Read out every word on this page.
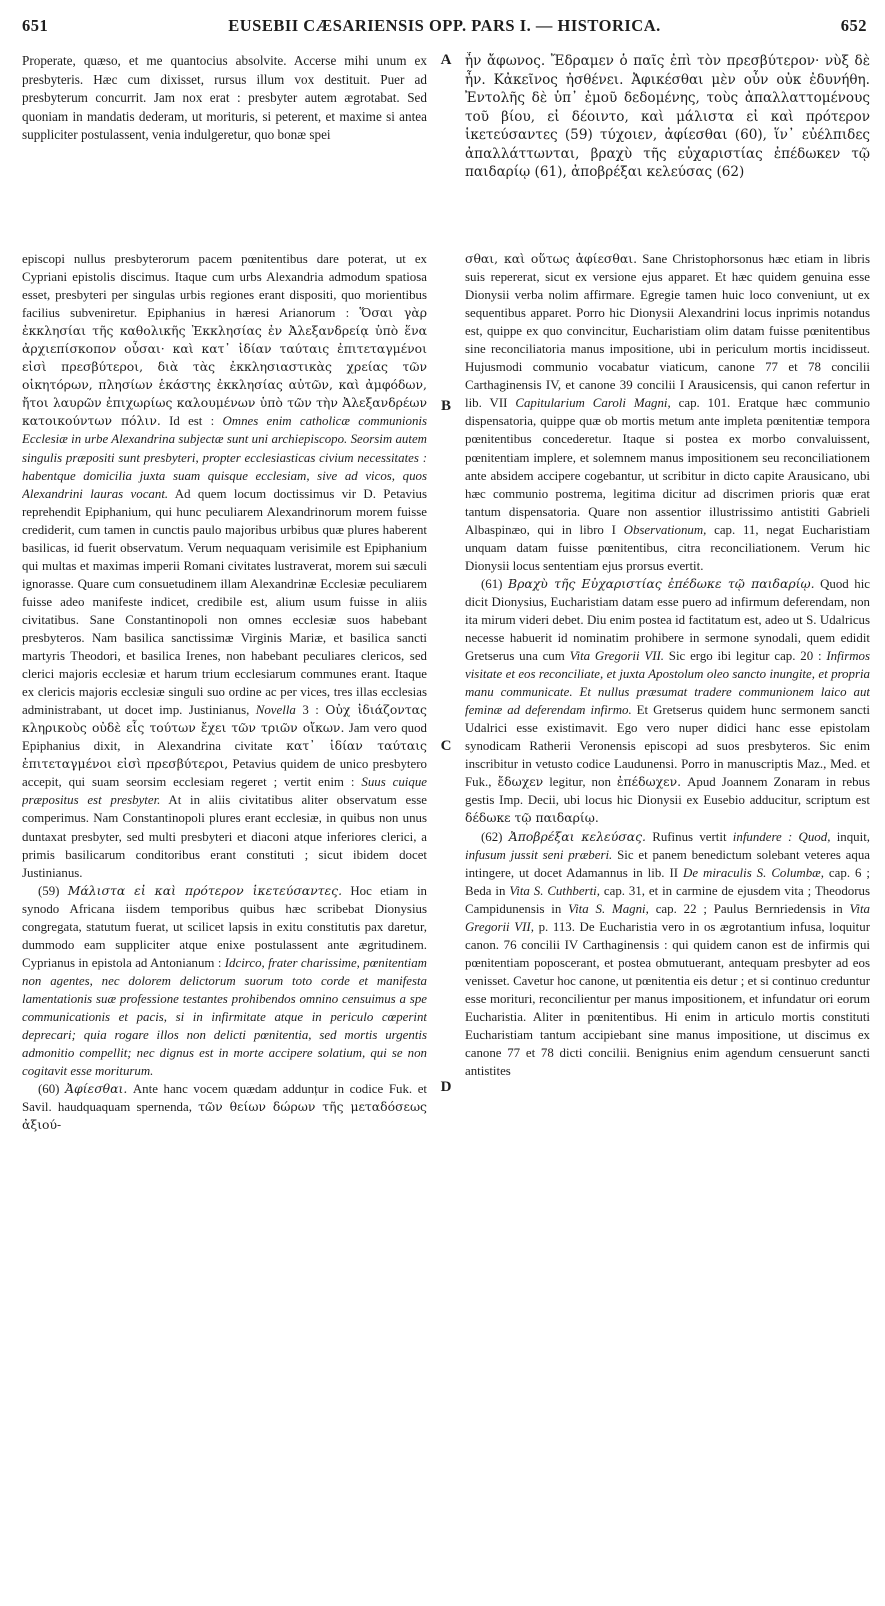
651	EUSEBII CÆSARIENSIS OPP. PARS I. — HISTORICA.	652

Properate, quæso, et me quantocius absolvite. Accerse mihi unum ex presbyteris. Hæc cum dixisset, rursus illum vox destituit. Puer ad presbyterum concurrit. Jam nox erat : presbyter autem ægrotabat. Sed quoniam in mandatis dederam, ut morituris, si peterent, et maxime si antea suppliciter postulassent, venia indulgeretur, quo bonæ spei

ἦν ἄφωνος. Ἔδραμεν ὁ παῖς ἐπὶ τὸν πρεσβύτερον· νὺξ δὲ ἦν. Κἀκεῖνος ἠσθένει. Ἀφικέσθαι μὲν οὖν οὐκ ἐδυνήθη. Ἐντολῆς δὲ ὑπ᾽ ἐμοῦ δεδομένης, τοὺς ἀπαλλαττομένους τοῦ βίου, εἰ δέοιντο, καὶ μάλιστα εἰ καὶ πρότερον ἱκετεύσαντες (59) τύχοιεν, ἀφίεσθαι (60), ἵν᾽ εὐέλπιδες ἀπαλλάττωνται, βραχὺ τῆς εὐχαριστίας ἐπέδωκεν τῷ παιδαρίῳ (61), ἀποβρέξαι κελεύσας (62)

A
B
C
D

episcopi nullus presbyterorum pacem pœnitentibus dare poterat, ut ex Cypriani epistolis discimus. Itaque cum urbs Alexandria admodum spatiosa esset, presbyteri per singulas urbis regiones erant dispositi, quo morientibus facilius subveniretur. Epiphanius in hæresi Arianorum : Ὅσαι γὰρ ἐκκλησίαι τῆς καθολικῆς Ἐκκλησίας ἐν Ἀλεξανδρείᾳ ὑπὸ ἕνα ἀρχιεπίσκοπον οὖσαι· καὶ κατ᾽ ἰδίαν ταύταις ἐπιτεταγμένοι εἰσὶ πρεσβύτεροι, διὰ τὰς ἐκκλησιαστικὰς χρείας τῶν οἰκητόρων, πλησίων ἑκάστης ἐκκλησίας αὐτῶν, καὶ ἀμφόδων, ἤτοι λαυρῶν ἐπιχωρίως καλουμένων ὑπὸ τῶν τὴν Ἀλεξανδρέων κατοικούντων πόλιν. Id est : Omnes enim catholicæ communionis Ecclesiæ in urbe Alexandrina subjectæ sunt uni archiepiscopo. Seorsim autem singulis præpositi sunt presbyteri, propter ecclesiasticas civium necessitates : habentque domicilia juxta suam quisque ecclesiam, sive ad vicos, quos Alexandrini lauras vocant. Ad quem locum doctissimus vir D. Petavius reprehendit Epiphanium, qui hunc peculiarem Alexandrinorum morem fuisse crediderit, cum tamen in cunctis paulo majoribus urbibus quæ plures haberent basilicas, id fuerit observatum. Verum nequaquam verisimile est Epiphanium qui multas et maximas imperii Romani civitates lustraverat, morem sui sæculi ignorasse. Quare cum consuetudinem illam Alexandrinæ Ecclesiæ peculiarem fuisse adeo manifeste indicet, credibile est, alium usum fuisse in aliis civitatibus. Sane Constantinopoli non omnes ecclesiæ suos habebant presbyteros. Nam basilica sanctissimæ Virginis Mariæ, et basilica sancti martyris Theodori, et basilica Irenes, non habebant peculiares clericos, sed clerici majoris ecclesiæ et harum trium ecclesiarum communes erant. Itaque ex clericis majoris ecclesiæ singuli suo ordine ac per vices, tres illas ecclesias administrabant, ut docet imp. Justinianus, Novella 3 : Οὐχ ἰδιάζοντας κληρικοὺς οὐδὲ εἷς τούτων ἔχει τῶν τριῶν οἴκων. Jam vero quod Epiphanius dixit, in Alexandrina civitate κατ᾽ ἰδίαν ταύταις ἐπιτεταγμένοι εἰσὶ πρεσβύτεροι, Petavius quidem de unico presbytero accepit, qui suam seorsim ecclesiam regeret ; vertit enim : Suus cuique præpositus est presbyter. At in aliis civitatibus aliter observatum esse comperimus. Nam Constantinopoli plures erant ecclesiæ, in quibus non unus duntaxat presbyter, sed multi presbyteri et diaconi atque inferiores clerici, a primis basilicarum conditoribus erant constituti ; sicut ibidem docet Justinianus.

(59) Μάλιστα εἰ καὶ πρότερον ἱκετεύσαντες. Hoc etiam in synodo Africana iisdem temporibus quibus hæc scribebat Dionysius congregata, statutum fuerat, ut scilicet lapsis in exitu constitutis pax daretur, dummodo eam suppliciter atque enixe postulassent ante ægritudinem. Cyprianus in epistola ad Antonianum : Idcirco, frater charissime, pœnitentiam non agentes, nec dolorem delictorum suorum toto corde et manifesta lamentationis suæ professione testantes prohibendos omnino censuimus a spe communicationis et pacis, si in infirmitate atque in periculo cœperint deprecari; quia rogare illos non delicti pœnitentia, sed mortis urgentis admonitio compellit; nec dignus est in morte accipere solatium, qui se non cogitavit esse moriturum.

(60) Ἀφίεσθαι. Ante hanc vocem quædam addunțur in codice Fuk. et Savil. haudquaquam spernenda, τῶν θείων δώρων τῆς μεταδόσεως ἀξιού-

σθαι, καὶ οὕτως ἀφίεσθαι. Sane Christophorsonus hæc etiam in libris suis repererat, sicut ex versione ejus apparet. Et hæc quidem genuina esse Dionysii verba nolim affirmare. Egregie tamen huic loco conveniunt, ut ex sequentibus apparet. Porro hic Dionysii Alexandrini locus inprimis notandus est, quippe ex quo convincitur, Eucharistiam olim datam fuisse pœnitentibus sine reconciliatoria manus impositione, ubi in periculum mortis incidisseut. Hujusmodi communio vocabatur viaticum, canone 77 et 78 concilii Carthaginensis IV, et canone 39 concilii I Arausicensis, qui canon refertur in lib. VII Capitularium Caroli Magni, cap. 101. Eratque hæc communio dispensatoria, quippe quæ ob mortis metum ante impleta pœnitentiæ tempora pœnitentibus concederetur. Itaque si postea ex morbo convaluissent, pœnitentiam implere, et solemnem manus impositionem seu reconciliationem ante absidem accipere cogebantur, ut scribitur in dicto capite Arausicano, ubi hæc communio postrema, legitima dicitur ad discrimen prioris quæ erat tantum dispensatoria. Quare non assentior illustrissimo antistiti Gabrieli Albaspinæo, qui in libro I Observationum, cap. 11, negat Eucharistiam unquam datam fuisse pœnitentibus, citra reconciliationem. Verum hic Dionysii locus sententiam ejus prorsus evertit.

(61) Βραχὺ τῆς Εὐχαριστίας ἐπέδωκε τῷ παιδαρίῳ. Quod hic dicit Dionysius, Eucharistiam datam esse puero ad infirmum deferendam, non ita mirum videri debet. Diu enim postea id factitatum est, adeo ut S. Udalricus necesse habuerit id nominatim prohibere in sermone synodali, quem edidit Gretserus una cum Vita Gregorii VII. Sic ergo ibi legitur cap. 20 : Infirmos visitate et eos reconciliate, et juxta Apostolum oleo sancto inungite, et propria manu communicate. Et nullus præsumat tradere communionem laico aut feminæ ad deferendam infirmo. Et Gretserus quidem hunc sermonem sancti Udalrici esse existimavit. Ego vero nuper didici hanc esse epistolam synodicam Ratherii Veronensis episcopi ad suos presbyteros. Sic enim inscribitur in vetusto codice Laudunensi. Porro in manuscriptis Maz., Med. et Fuk., ἔδωχεν legitur, non ἐπέδωχεν. Apud Joannem Zonaram in rebus gestis Imp. Decii, ubi locus hic Dionysii ex Eusebio adducitur, scriptum est δέδωκε τῷ παιδαρίῳ.

(62) Ἀποβρέξαι κελεύσας. Rufinus vertit infundere : Quod, inquit, infusum jussit seni præberi. Sic et panem benedictum solebant veteres aqua intingere, ut docet Adamannus in lib. II De miraculis S. Columbæ, cap. 6 ; Beda in Vita S. Cuthberti, cap. 31, et in carmine de ejusdem vita ; Theodorus Campidunensis in Vita S. Magni, cap. 22 ; Paulus Bernriedensis in Vita Gregorii VII, p. 113. De Eucharistia vero in os ægrotantium infusa, loquitur canon. 76 concilii IV Carthaginensis : qui quidem canon est de infirmis qui pœnitentiam poposcerant, et postea obmutuerant, antequam presbyter ad eos venisset. Cavetur hoc canone, ut pœnitentia eis detur ; et si continuo creduntur esse morituri, reconcilientur per manus impositionem, et infundatur ori eorum Eucharistia. Aliter in pœnitentibus. Hi enim in articulo mortis constituti Eucharistiam tantum accipiebant sine manus impositione, ut discimus ex canone 77 et 78 dicti concilii. Benignius enim agendum censuerunt sancti antistites
